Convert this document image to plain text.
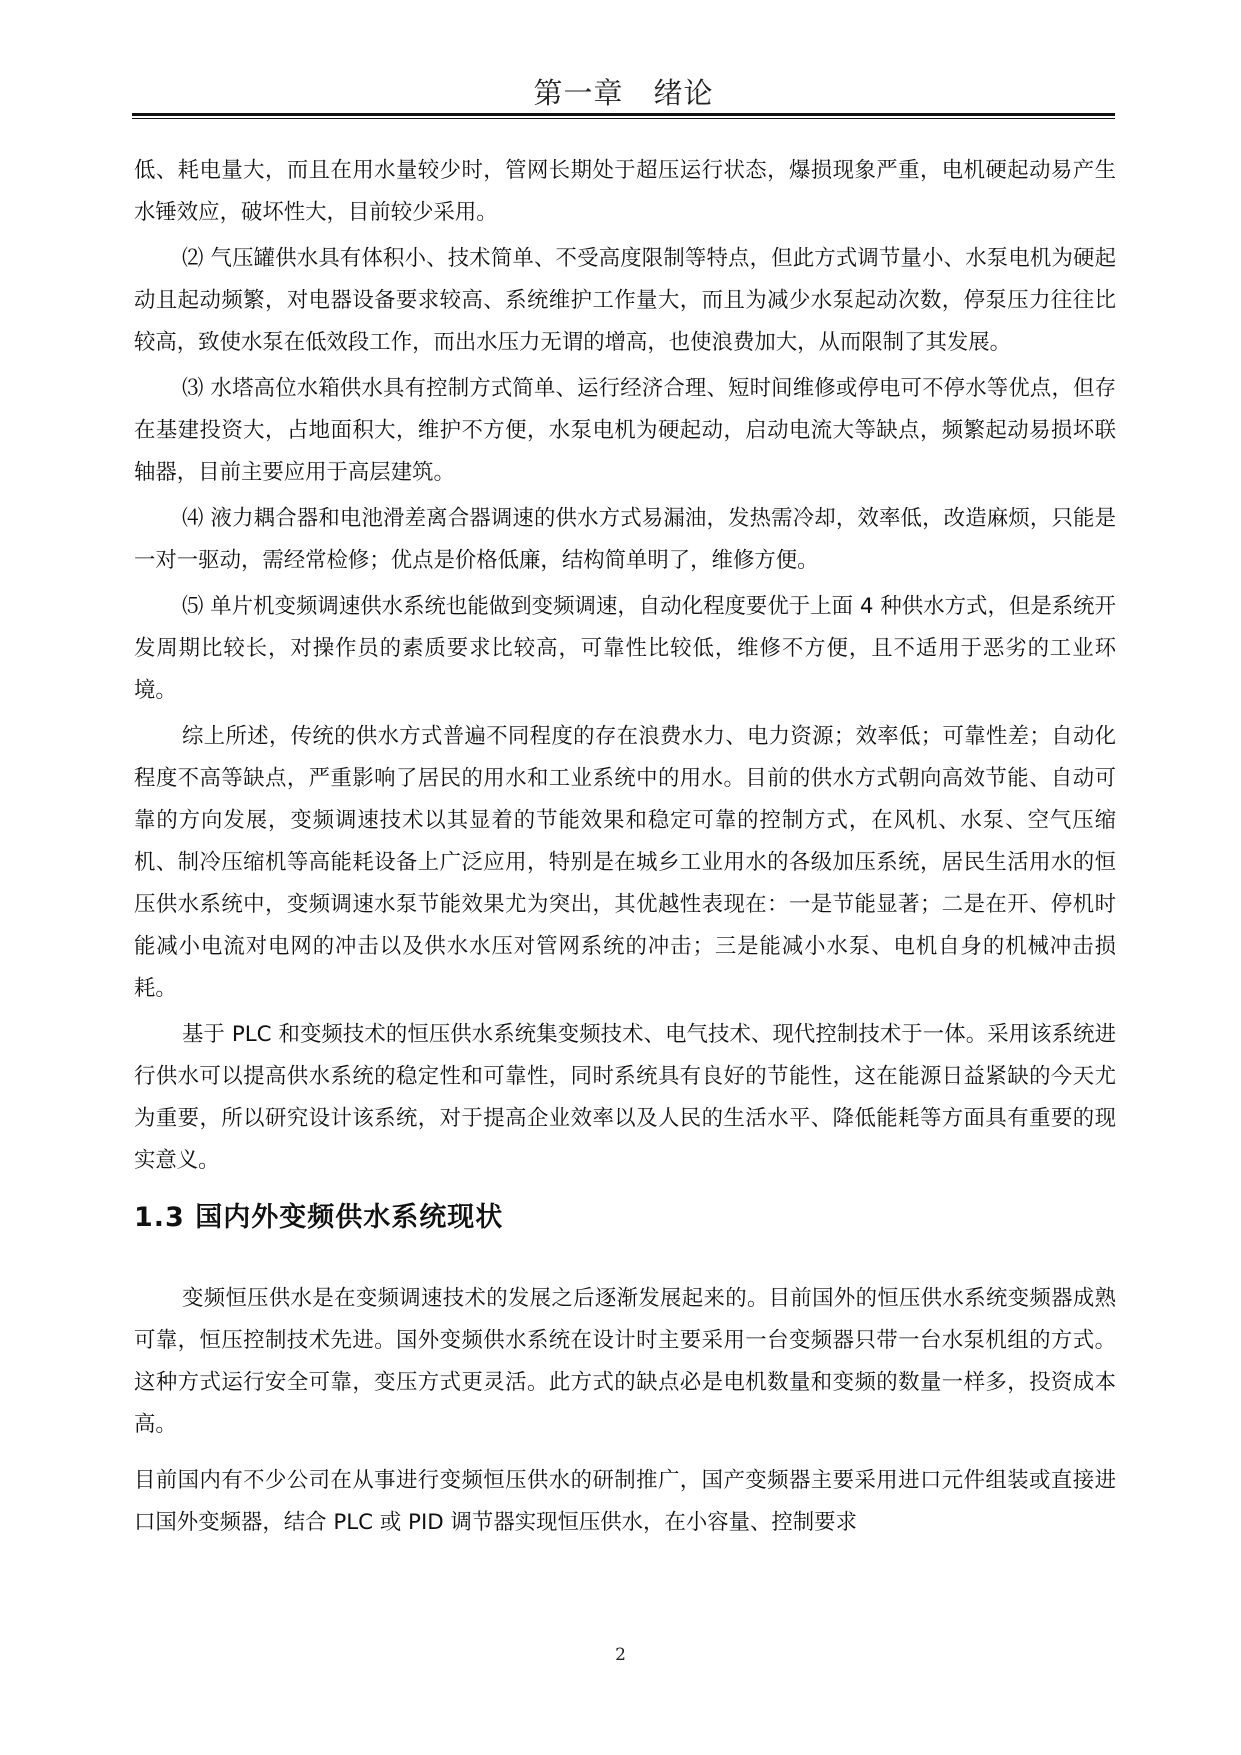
第一章　绪论

低、耗电量大，而且在用水量较少时，管网长期处于超压运行状态，爆损现象严重，电机硬起动易产生水锤效应，破坏性大，目前较少采用。

⑵ 气压罐供水具有体积小、技术简单、不受高度限制等特点，但此方式调节量小、水泵电机为硬起动且起动频繁，对电器设备要求较高、系统维护工作量大，而且为减少水泵起动次数，停泵压力往往比较高，致使水泵在低效段工作，而出水压力无谓的增高，也使浪费加大，从而限制了其发展。

⑶ 水塔高位水箱供水具有控制方式简单、运行经济合理、短时间维修或停电可不停水等优点，但存在基建投资大，占地面积大，维护不方便，水泵电机为硬起动，启动电流大等缺点，频繁起动易损坏联轴器，目前主要应用于高层建筑。

⑷ 液力耦合器和电池滑差离合器调速的供水方式易漏油，发热需冷却，效率低，改造麻烦，只能是一对一驱动，需经常检修；优点是价格低廉，结构简单明了，维修方便。

⑸ 单片机变频调速供水系统也能做到变频调速，自动化程度要优于上面 4 种供水方式，但是系统开发周期比较长，对操作员的素质要求比较高，可靠性比较低，维修不方便，且不适用于恶劣的工业环境。

综上所述，传统的供水方式普遍不同程度的存在浪费水力、电力资源；效率低；可靠性差；自动化程度不高等缺点，严重影响了居民的用水和工业系统中的用水。目前的供水方式朝向高效节能、自动可靠的方向发展，变频调速技术以其显着的节能效果和稳定可靠的控制方式，在风机、水泵、空气压缩机、制冷压缩机等高能耗设备上广泛应用，特别是在城乡工业用水的各级加压系统，居民生活用水的恒压供水系统中，变频调速水泵节能效果尤为突出，其优越性表现在：一是节能显著；二是在开、停机时能减小电流对电网的冲击以及供水水压对管网系统的冲击；三是能减小水泵、电机自身的机械冲击损耗。

基于 PLC 和变频技术的恒压供水系统集变频技术、电气技术、现代控制技术于一体。采用该系统进行供水可以提高供水系统的稳定性和可靠性，同时系统具有良好的节能性，这在能源日益紧缺的今天尤为重要，所以研究设计该系统，对于提高企业效率以及人民的生活水平、降低能耗等方面具有重要的现实意义。

1.3 国内外变频供水系统现状

变频恒压供水是在变频调速技术的发展之后逐渐发展起来的。目前国外的恒压供水系统变频器成熟可靠，恒压控制技术先进。国外变频供水系统在设计时主要采用一台变频器只带一台水泵机组的方式。这种方式运行安全可靠，变压方式更灵活。此方式的缺点必是电机数量和变频的数量一样多，投资成本高。

目前国内有不少公司在从事进行变频恒压供水的研制推广，国产变频器主要采用进口元件组装或直接进口国外变频器，结合 PLC 或 PID 调节器实现恒压供水，在小容量、控制要求

2
